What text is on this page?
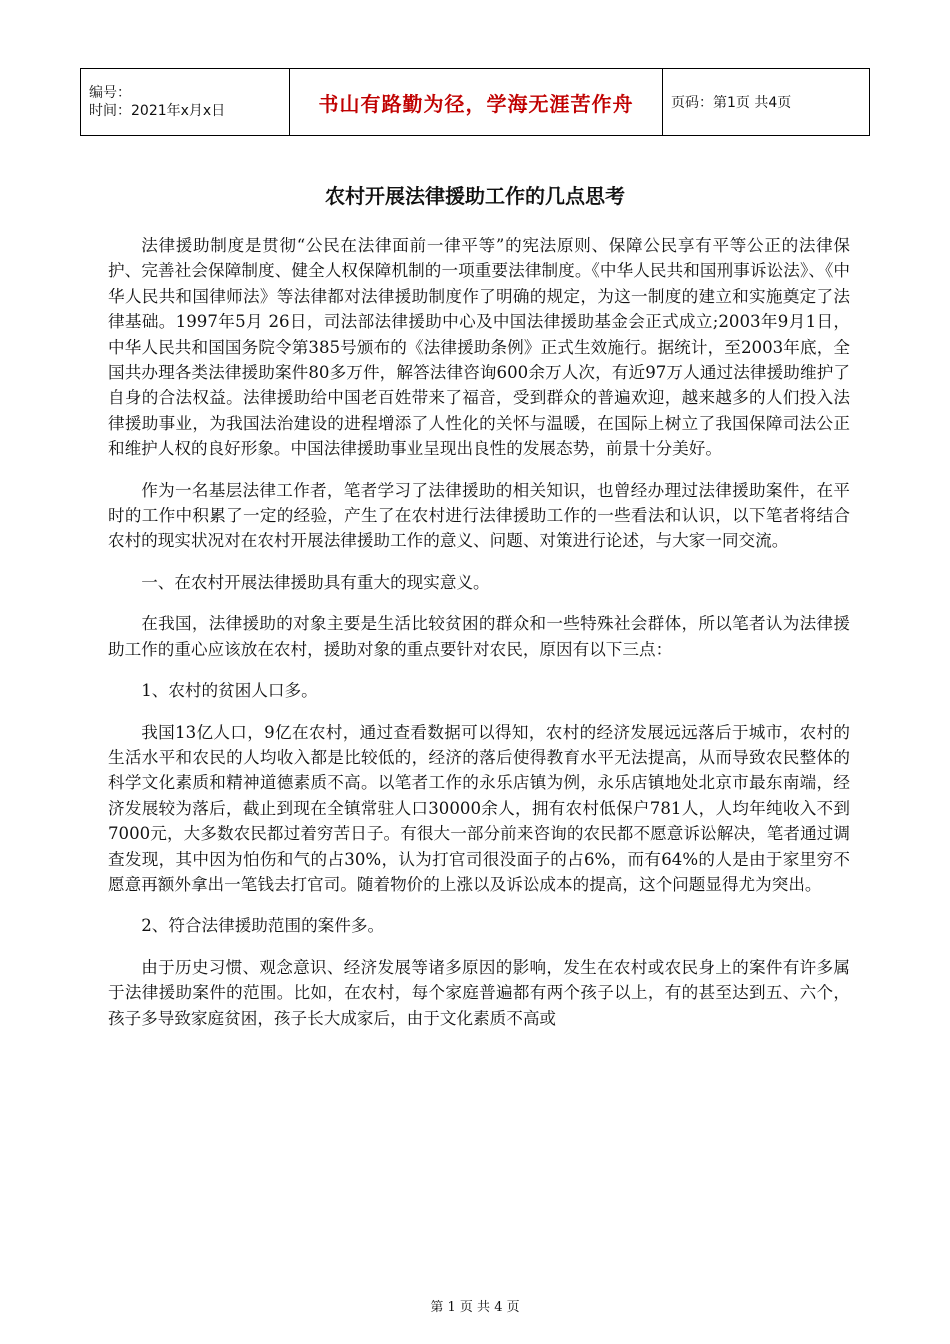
编号：
时间：2021年x月x日	书山有路勤为径，学海无涯苦作舟	页码：第1页 共4页
农村开展法律援助工作的几点思考

法律援助制度是贯彻“公民在法律面前一律平等”的宪法原则、保障公民享有平等公正的法律保护、完善社会保障制度、健全人权保障机制的一项重要法律制度。《中华人民共和国刑事诉讼法》、《中华人民共和国律师法》等法律都对法律援助制度作了明确的规定，为这一制度的建立和实施奠定了法律基础。1997年5月 26日，司法部法律援助中心及中国法律援助基金会正式成立;2003年9月1日，中华人民共和国国务院令第385号颁布的《法律援助条例》正式生效施行。据统计，至2003年底，全国共办理各类法律援助案件80多万件，解答法律咨询600余万人次，有近97万人通过法律援助维护了自身的合法权益。法律援助给中国老百姓带来了福音，受到群众的普遍欢迎，越来越多的人们投入法律援助事业，为我国法治建设的进程增添了人性化的关怀与温暖，在国际上树立了我国保障司法公正和维护人权的良好形象。中国法律援助事业呈现出良性的发展态势，前景十分美好。

作为一名基层法律工作者，笔者学习了法律援助的相关知识，也曾经办理过法律援助案件，在平时的工作中积累了一定的经验，产生了在农村进行法律援助工作的一些看法和认识，以下笔者将结合农村的现实状况对在农村开展法律援助工作的意义、问题、对策进行论述，与大家一同交流。

一、在农村开展法律援助具有重大的现实意义。

在我国，法律援助的对象主要是生活比较贫困的群众和一些特殊社会群体，所以笔者认为法律援助工作的重心应该放在农村，援助对象的重点要针对农民，原因有以下三点：

1、农村的贫困人口多。

我国13亿人口，9亿在农村，通过查看数据可以得知，农村的经济发展远远落后于城市，农村的生活水平和农民的人均收入都是比较低的，经济的落后使得教育水平无法提高，从而导致农民整体的科学文化素质和精神道德素质不高。以笔者工作的永乐店镇为例，永乐店镇地处北京市最东南端，经济发展较为落后，截止到现在全镇常驻人口30000余人，拥有农村低保户781人，人均年纯收入不到7000元，大多数农民都过着穷苦日子。有很大一部分前来咨询的农民都不愿意诉讼解决，笔者通过调查发现，其中因为怕伤和气的占30%，认为打官司很没面子的占6%，而有64%的人是由于家里穷不愿意再额外拿出一笔钱去打官司。随着物价的上涨以及诉讼成本的提高，这个问题显得尤为突出。

2、符合法律援助范围的案件多。

由于历史习惯、观念意识、经济发展等诸多原因的影响，发生在农村或农民身上的案件有许多属于法律援助案件的范围。比如，在农村，每个家庭普遍都有两个孩子以上，有的甚至达到五、六个，孩子多导致家庭贫困，孩子长大成家后，由于文化素质不高或

第 1 页 共 4 页
